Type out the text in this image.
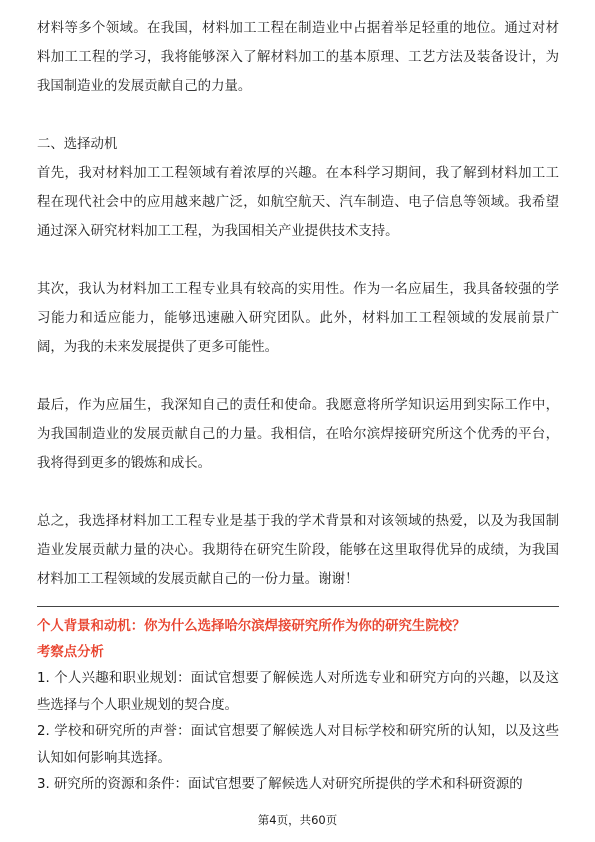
材料等多个领域。在我国，材料加工工程在制造业中占据着举足轻重的地位。通过对材料加工工程的学习，我将能够深入了解材料加工的基本原理、工艺方法及装备设计，为我国制造业的发展贡献自己的力量。

二、选择动机

首先，我对材料加工工程领域有着浓厚的兴趣。在本科学习期间，我了解到材料加工工程在现代社会中的应用越来越广泛，如航空航天、汽车制造、电子信息等领域。我希望通过深入研究材料加工工程，为我国相关产业提供技术支持。

其次，我认为材料加工工程专业具有较高的实用性。作为一名应届生，我具备较强的学习能力和适应能力，能够迅速融入研究团队。此外，材料加工工程领域的发展前景广阔，为我的未来发展提供了更多可能性。

最后，作为应届生，我深知自己的责任和使命。我愿意将所学知识运用到实际工作中，为我国制造业的发展贡献自己的力量。我相信，在哈尔滨焊接研究所这个优秀的平台，我将得到更多的锻炼和成长。

总之，我选择材料加工工程专业是基于我的学术背景和对该领域的热爱，以及为我国制造业发展贡献力量的决心。我期待在研究生阶段，能够在这里取得优异的成绩，为我国材料加工工程领域的发展贡献自己的一份力量。谢谢！

个人背景和动机：你为什么选择哈尔滨焊接研究所作为你的研究生院校？

考察点分析

1. 个人兴趣和职业规划：面试官想要了解候选人对所选专业和研究方向的兴趣，以及这些选择与个人职业规划的契合度。

2. 学校和研究所的声誉：面试官想要了解候选人对目标学校和研究所的认知，以及这些认知如何影响其选择。

3. 研究所的资源和条件：面试官想要了解候选人对研究所提供的学术和科研资源的

第4页，共60页
